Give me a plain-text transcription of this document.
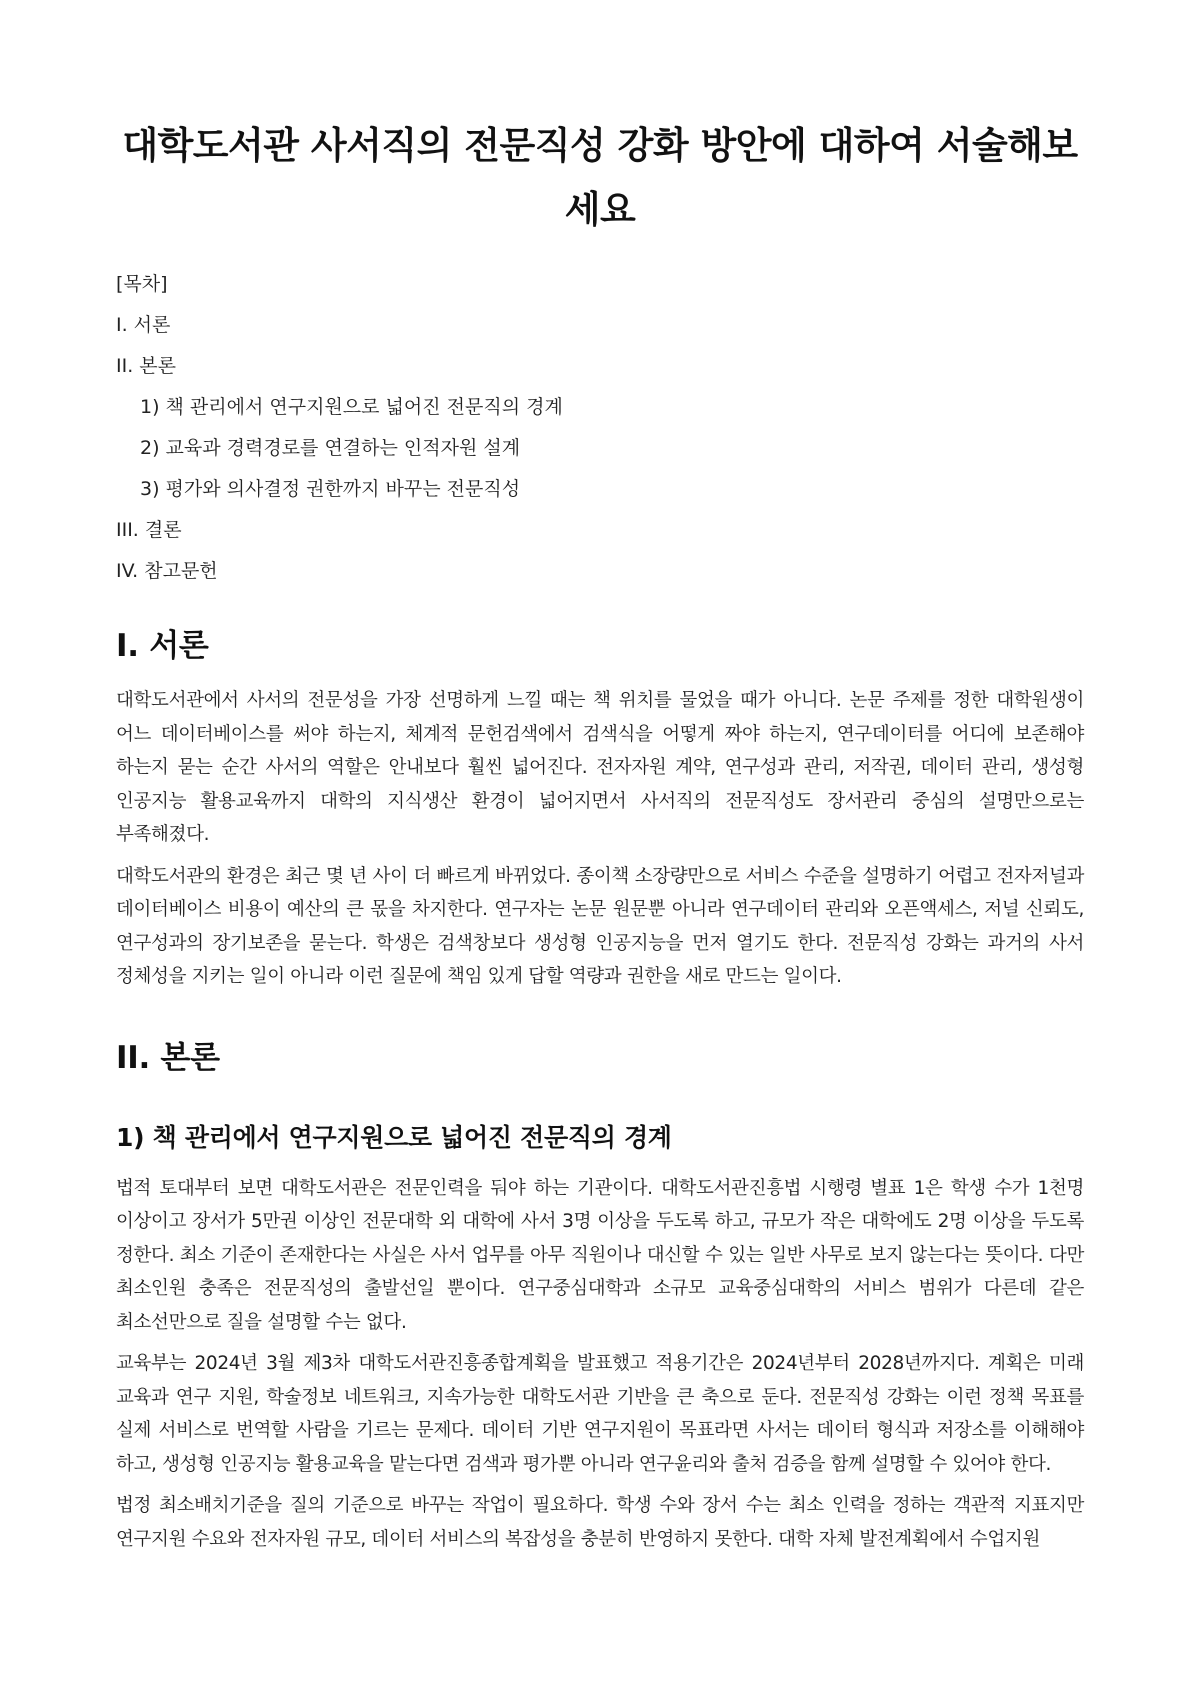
대학도서관 사서직의 전문직성 강화 방안에 대하여 서술해보세요
[목차]
I. 서론
II. 본론
1) 책 관리에서 연구지원으로 넓어진 전문직의 경계
2) 교육과 경력경로를 연결하는 인적자원 설계
3) 평가와 의사결정 권한까지 바꾸는 전문직성
III. 결론
IV. 참고문헌
I. 서론

대학도서관에서 사서의 전문성을 가장 선명하게 느낄 때는 책 위치를 물었을 때가 아니다. 논문 주제를 정한 대학원생이 어느 데이터베이스를 써야 하는지, 체계적 문헌검색에서 검색식을 어떻게 짜야 하는지, 연구데이터를 어디에 보존해야 하는지 묻는 순간 사서의 역할은 안내보다 훨씬 넓어진다. 전자자원 계약, 연구성과 관리, 저작권, 데이터 관리, 생성형 인공지능 활용교육까지 대학의 지식생산 환경이 넓어지면서 사서직의 전문직성도 장서관리 중심의 설명만으로는 부족해졌다.

대학도서관의 환경은 최근 몇 년 사이 더 빠르게 바뀌었다. 종이책 소장량만으로 서비스 수준을 설명하기 어렵고 전자저널과 데이터베이스 비용이 예산의 큰 몫을 차지한다. 연구자는 논문 원문뿐 아니라 연구데이터 관리와 오픈액세스, 저널 신뢰도, 연구성과의 장기보존을 묻는다. 학생은 검색창보다 생성형 인공지능을 먼저 열기도 한다. 전문직성 강화는 과거의 사서 정체성을 지키는 일이 아니라 이런 질문에 책임 있게 답할 역량과 권한을 새로 만드는 일이다.

II. 본론
1) 책 관리에서 연구지원으로 넓어진 전문직의 경계

법적 토대부터 보면 대학도서관은 전문인력을 둬야 하는 기관이다. 대학도서관진흥법 시행령 별표 1은 학생 수가 1천명 이상이고 장서가 5만권 이상인 전문대학 외 대학에 사서 3명 이상을 두도록 하고, 규모가 작은 대학에도 2명 이상을 두도록 정한다. 최소 기준이 존재한다는 사실은 사서 업무를 아무 직원이나 대신할 수 있는 일반 사무로 보지 않는다는 뜻이다. 다만 최소인원 충족은 전문직성의 출발선일 뿐이다. 연구중심대학과 소규모 교육중심대학의 서비스 범위가 다른데 같은 최소선만으로 질을 설명할 수는 없다.

교육부는 2024년 3월 제3차 대학도서관진흥종합계획을 발표했고 적용기간은 2024년부터 2028년까지다. 계획은 미래 교육과 연구 지원, 학술정보 네트워크, 지속가능한 대학도서관 기반을 큰 축으로 둔다. 전문직성 강화는 이런 정책 목표를 실제 서비스로 번역할 사람을 기르는 문제다. 데이터 기반 연구지원이 목표라면 사서는 데이터 형식과 저장소를 이해해야 하고, 생성형 인공지능 활용교육을 맡는다면 검색과 평가뿐 아니라 연구윤리와 출처 검증을 함께 설명할 수 있어야 한다.

법정 최소배치기준을 질의 기준으로 바꾸는 작업이 필요하다. 학생 수와 장서 수는 최소 인력을 정하는 객관적 지표지만 연구지원 수요와 전자자원 규모, 데이터 서비스의 복잡성을 충분히 반영하지 못한다. 대학 자체 발전계획에서 수업지원
